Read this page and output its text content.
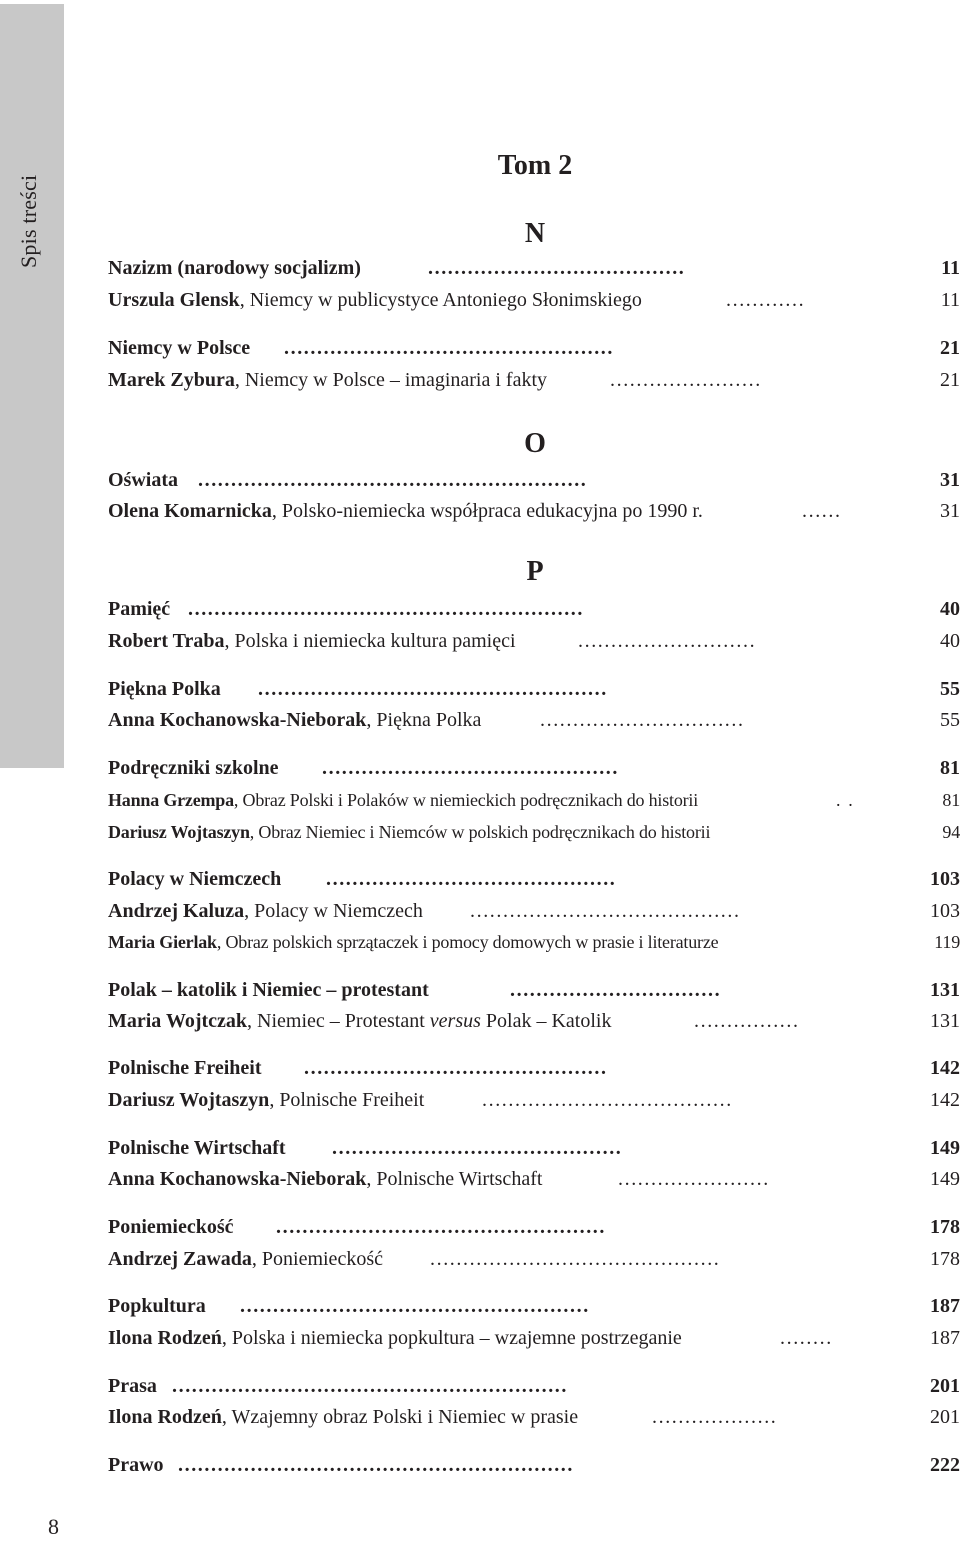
Spis treści
Tom 2
N
O
P
Nazizm (narodowy socjalizm)	.......................................	11
Urszula Glensk, Niemcy w publicystyce Antoniego Słonimskiego	............	11
Niemcy w Polsce ..................................................	21
Marek Zybura, Niemcy w Polsce – imaginaria i fakty	.......................	21
Oświata ...........................................................	31
Olena Komarnicka, Polsko-niemiecka współpraca edukacyjna po 1990 r.	......	31
Pamięć ............................................................	40
Robert Traba, Polska i niemiecka kultura pamięci	...........................	40
Piękna Polka .....................................................	55
Anna Kochanowska-Nieborak, Piękna Polka	...............................	55
Podręczniki szkolne .............................................	81
Hanna Grzempa, Obraz Polski i Polaków w niemieckich podręcznikach do historii	. .	81
Dariusz Wojtaszyn, Obraz Niemiec i Niemców w polskich podręcznikach do historii	94
Polacy w Niemczech ............................................	103
Andrzej Kaluza, Polacy w Niemczech .........................................	103
Maria Gierlak, Obraz polskich sprzątaczek i pomocy domowych w prasie i literaturze	119
Polak – katolik i Niemiec – protestant	................................	131
Maria Wojtczak, Niemiec – Protestant versus Polak – Katolik	................	131
Polnische Freiheit ..............................................	142
Dariusz Wojtaszyn, Polnische Freiheit	......................................	142
Polnische Wirtschaft ............................................	149
Anna Kochanowska-Nieborak, Polnische Wirtschaft	.......................	149
Poniemieckość ..................................................	178
Andrzej Zawada, Poniemieckość ............................................	178
Popkultura .....................................................	187
Ilona Rodzeń, Polska i niemiecka popkultura – wzajemne postrzeganie	........	187
Prasa ............................................................	201
Ilona Rodzeń, Wzajemny obraz Polski i Niemiec w prasie	...................	201
Prawo ............................................................	222
8
